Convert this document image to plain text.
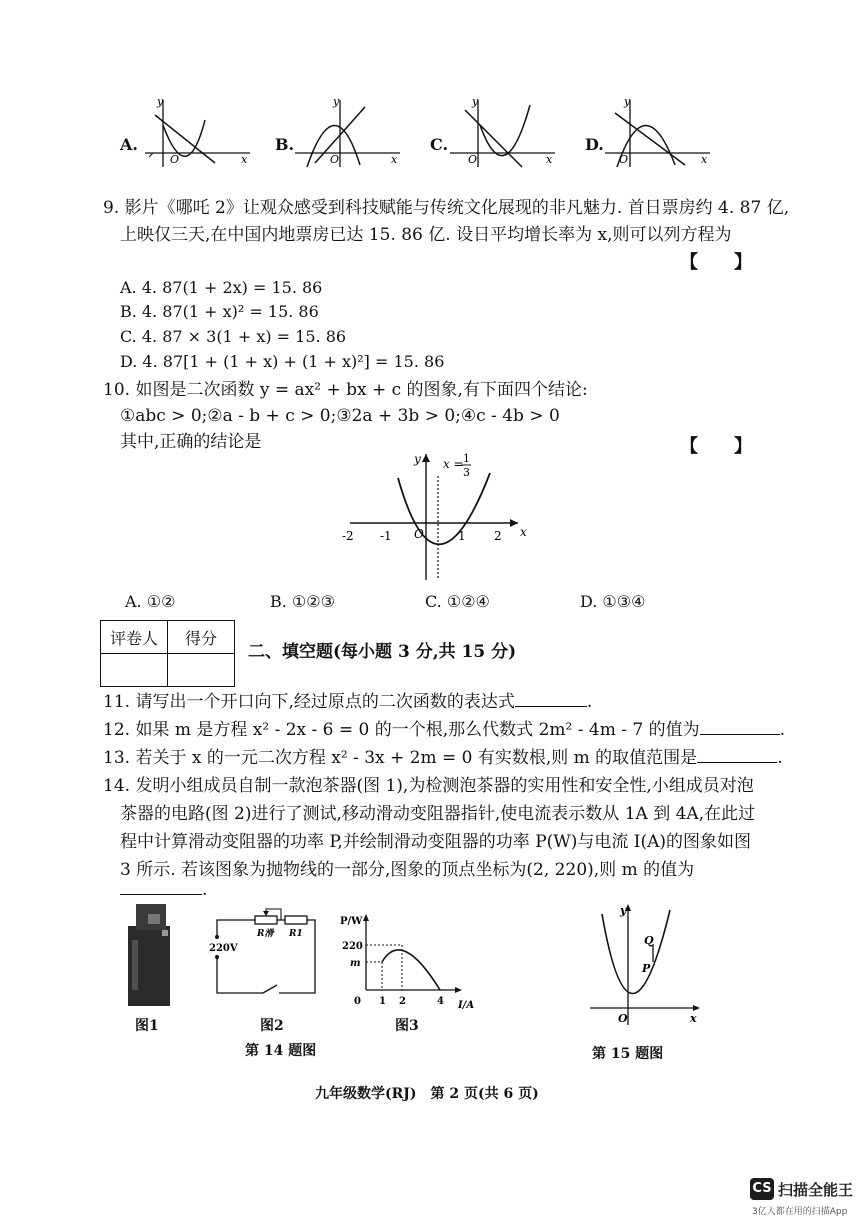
A.
y
O	x
B.
y
O	x
C.
y
O	x
D.
y
O	x
9. 影片《哪吒 2》让观众感受到科技赋能与传统文化展现的非凡魅力. 首日票房约 4. 87 亿,
上映仅三天,在中国内地票房已达 15. 86 亿. 设日平均增长率为 x,则可以列方程为
【　　】
A. 4. 87(1 + 2x) = 15. 86
B. 4. 87(1 + x)² = 15. 86
C. 4. 87 × 3(1 + x) = 15. 86
D. 4. 87[1 + (1 + x) + (1 + x)²] = 15. 86
10. 如图是二次函数 y = ax² + bx + c 的图象,有下面四个结论:
①abc > 0;②a - b + c > 0;③2a + 3b > 0;④c - 4b > 0
其中,正确的结论是	【　　】
y
x
O
-2 -1	1 2
x = 1
3
A. ①②	B. ①②③	C. ①②④	D. ①③④
评卷人	得分

二、填空题(每小题 3 分,共 15 分)
11. 请写出一个开口向下,经过原点的二次函数的表达式	.
12. 如果 m 是方程 x² - 2x - 6 = 0 的一个根,那么代数式 2m² - 4m - 7 的值为	.
13. 若关于 x 的一元二次方程 x² - 3x + 2m = 0 有实数根,则 m 的取值范围是	.
14. 发明小组成员自制一款泡茶器(图 1),为检测泡茶器的实用性和安全性,小组成员对泡
茶器的电路(图 2)进行了测试,移动滑动变阻器指针,使电流表示数从 1A 到 4A,在此过
程中计算滑动变阻器的功率 P,并绘制滑动变阻器的功率 P(W)与电流 I(A)的图象如图
3 所示. 若该图象为抛物线的一部分,图象的顶点坐标为(2, 220),则 m 的值为
.
图1
220V
R滑 R1
图2
P/W
220
m
0 1 2	4 I/A
图3
第 14 题图
y
x
O
Q
P
第 15 题图
九年级数学(RJ)　第 2 页(共 6 页)
CS 扫描全能王
3亿人都在用的扫描App
